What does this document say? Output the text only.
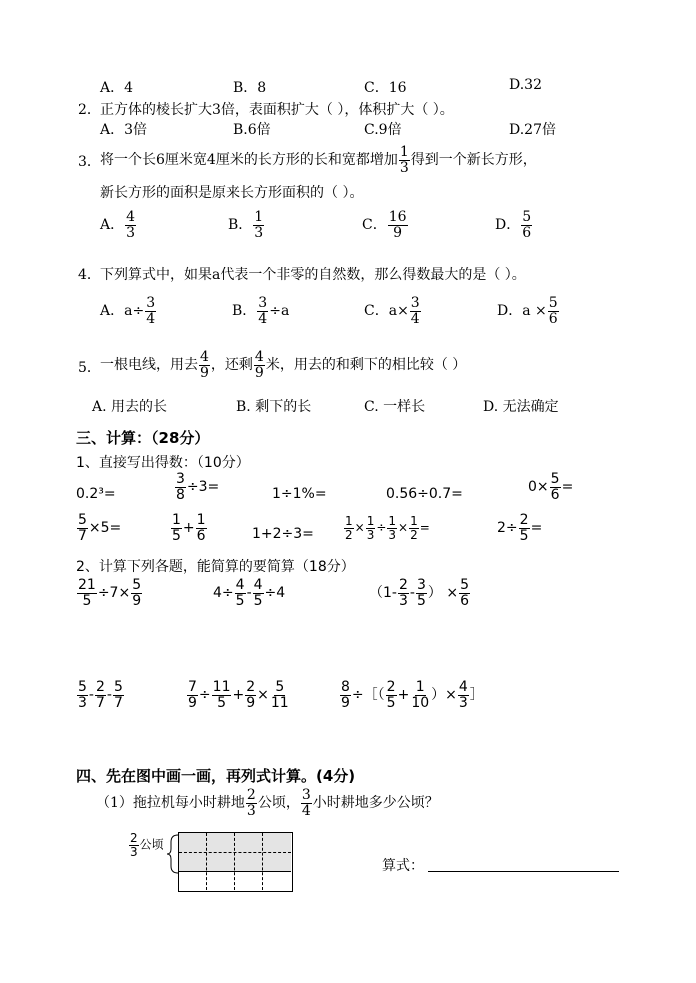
A．4	B．8	C．16	D.32
2． 正方体的棱长扩大3倍，表面积扩大（ ），体积扩大（ ）。
A．3倍	B.6倍	C.9倍	D.27倍
3． 将一个长6厘米宽4厘米的长方形的长和宽都增加 $\frac{1}{3}$ 得到一个新长方形，
新长方形的面积是原来长方形面积的（ ）。
A． $\frac{4}{3}$	B． $\frac{1}{3}$	C． $\frac{16}{9}$	D． $\frac{5}{6}$
4． 下列算式中，如果a代表一个非零的自然数，那么得数最大的是（ ）。
A．$a\div \frac{3}{4}$	B． $\frac{3}{4} \div a$	C．$a\times \frac{3}{4}$	D．$a \times \frac{5}{6}$
5． 一根电线，用去 $\frac{4}{9}$ ，还剩 $\frac{4}{9}$ 米，用去的和剩下的相比较（ ）
A. 用去的长	B. 剩下的长	C. 一样长	D. 无法确定
三、计算：（28分）
1、直接写出得数：（10分）
0.2³=	$\frac{3}{8} \div 3=$	1÷1%=	0.56÷0.7=	$0\times \frac{5}{6}$ =
$\frac{5}{7} \times 5=$	$\frac{1}{5} + \frac{1}{6}$	1+2÷3=	$\frac{1}{2} \times \frac{1}{3} \div \frac{1}{3} \times \frac{1}{2}$ =	$2\div \frac{2}{5}$ =
2、计算下列各题，能简算的要简算（18分）
$\frac{21}{5} \div 7\times \frac{5}{9}$	$4\div \frac{4}{5} - \frac{4}{5} \div 4$	（$1- \frac{2}{3} - \frac{3}{5}$ ） × $\frac{5}{6}$
$\frac{5}{3} - \frac{2}{7} - \frac{5}{7}$	$\frac{7}{9} \div \frac{11}{5} + \frac{2}{9} \times \frac{5}{11}$	$\frac{8}{9}$ ÷［（ $\frac{2}{5} + \frac{1}{10}$ ）× $\frac{4}{3}$ ］
四、先在图中画一画，再列式计算。(4分)
（1）拖拉机每小时耕地 $\frac{2}{3}$ 公顷， $\frac{3}{4}$ 小时耕地多少公顷？
$\frac{2}{3}$ 公顷
算式：
